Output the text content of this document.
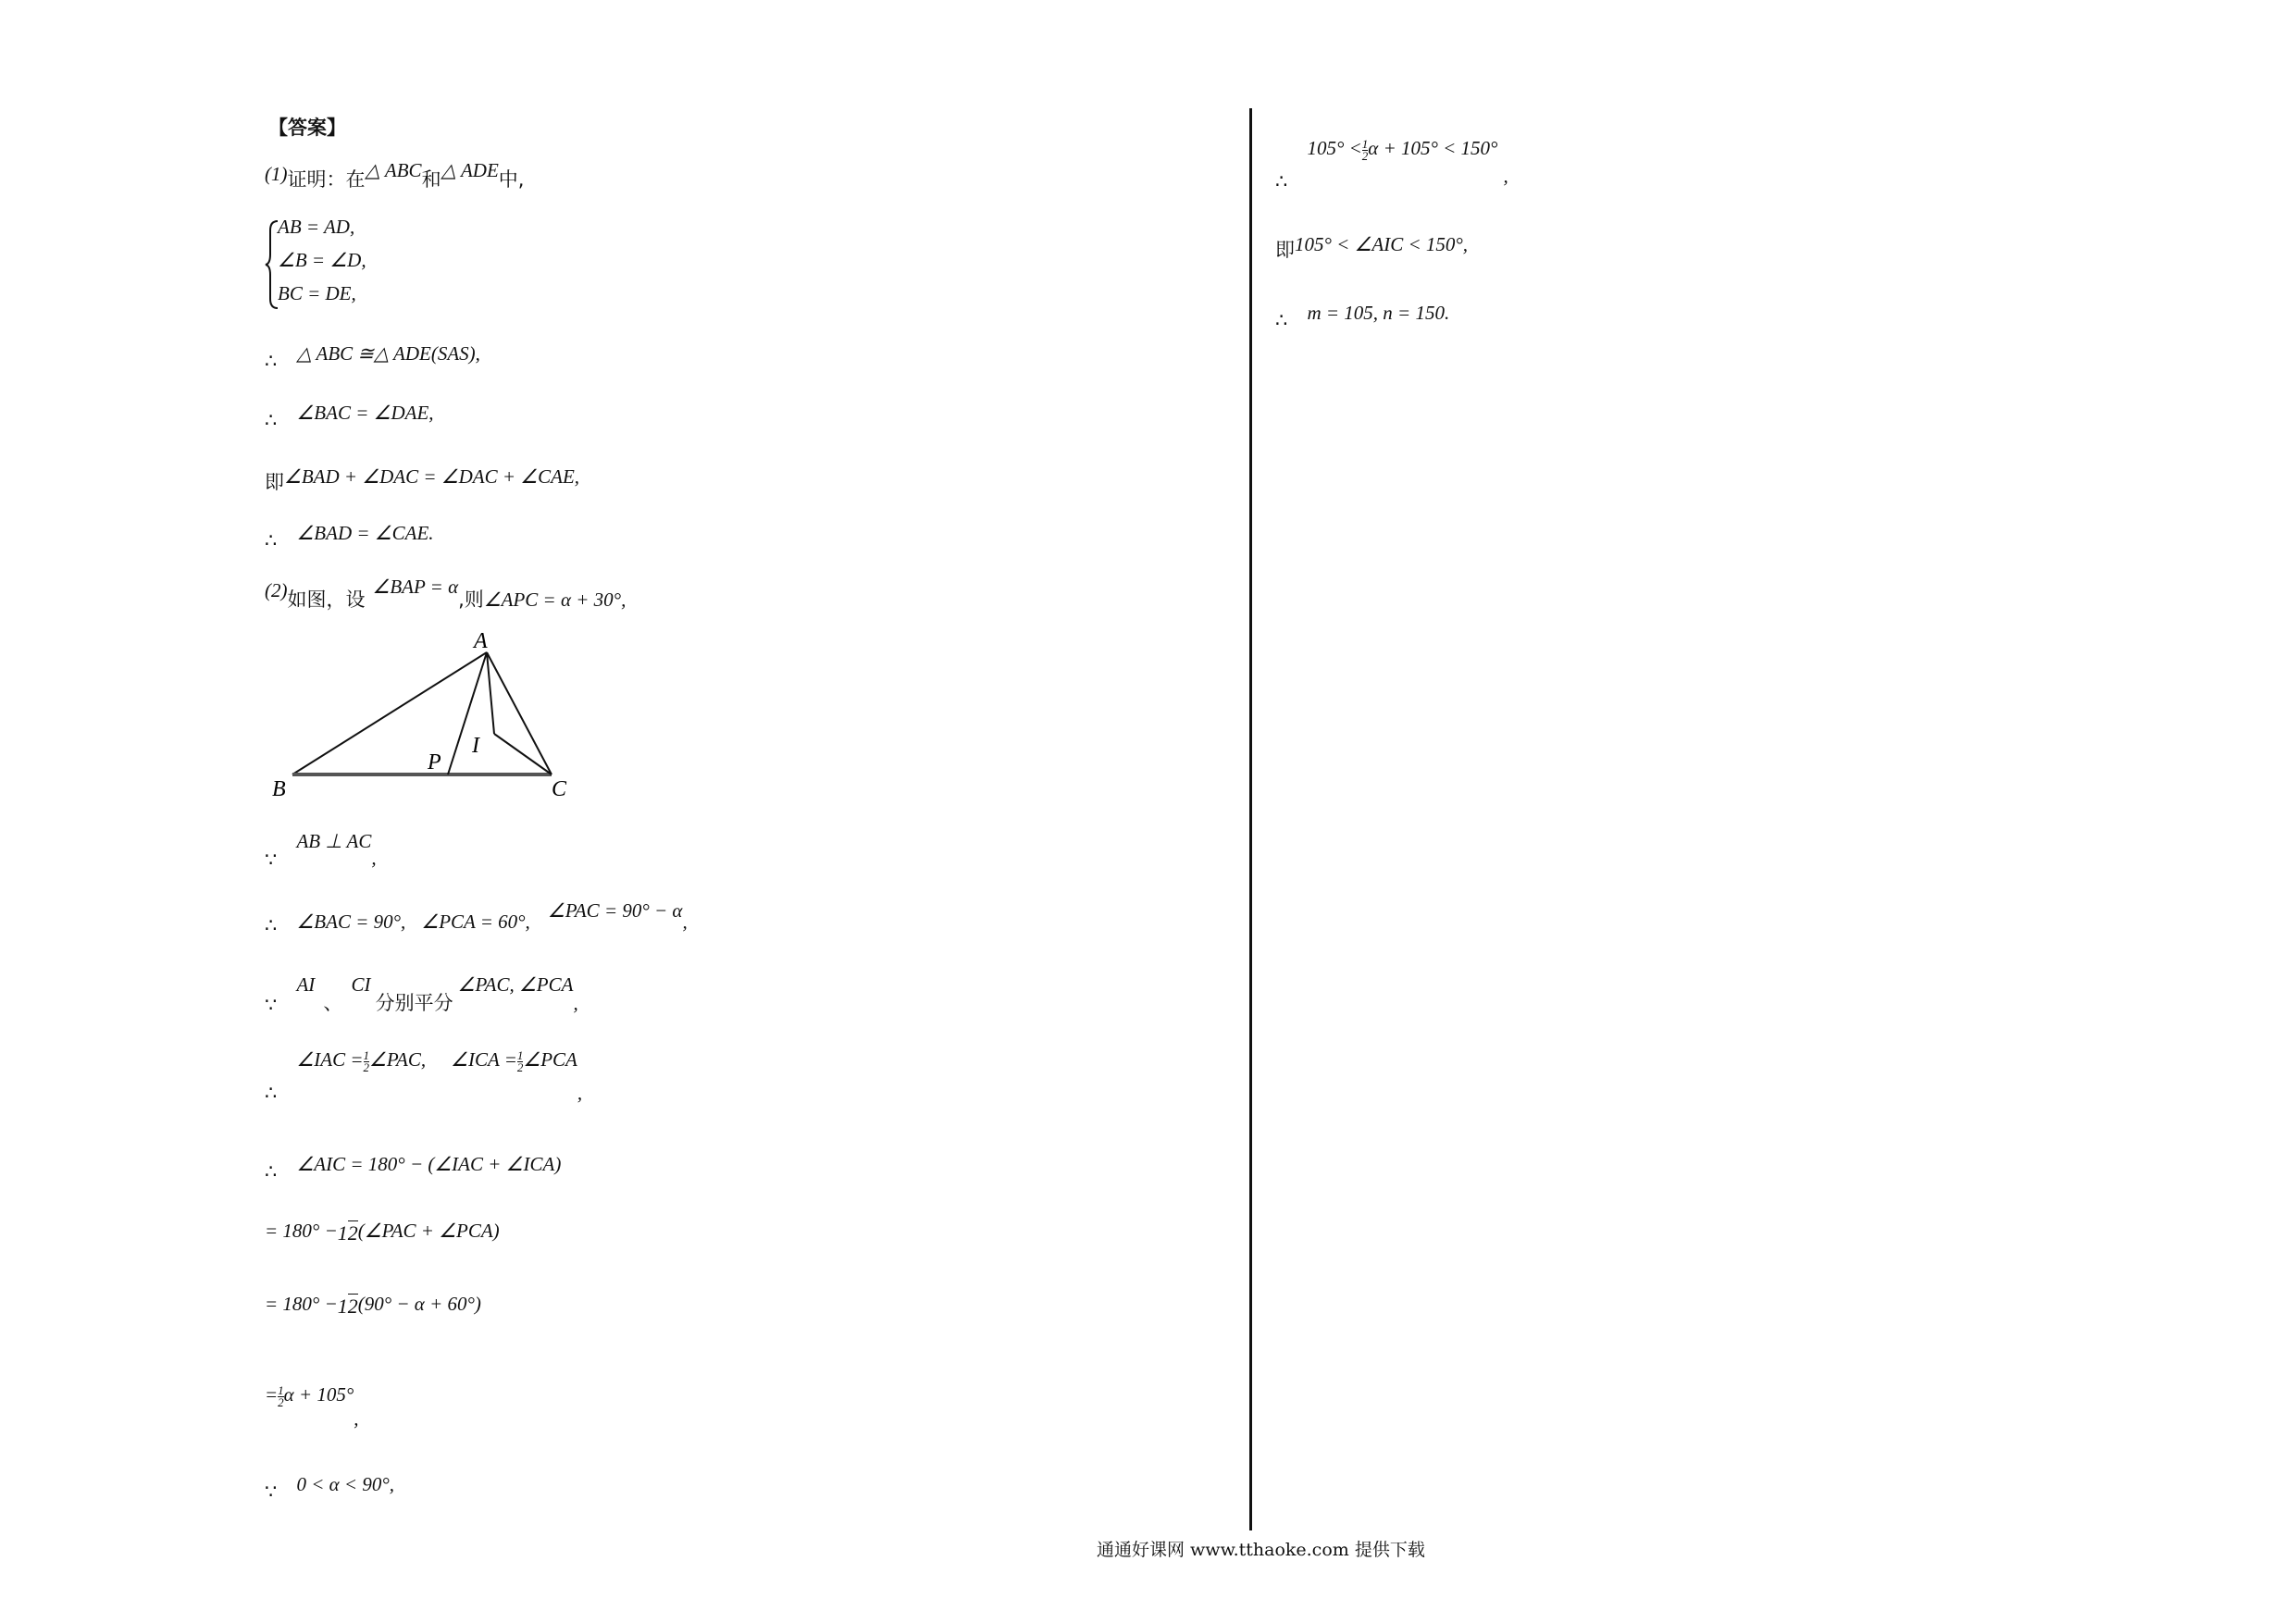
【答案】
(1)证明：在△ ABC和△ ADE中,
AB = AD,
∠B = ∠D,
BC = DE,
∴ △ ABC ≅△ ADE(SAS),
∴ ∠BAC = ∠DAE,
即∠BAD + ∠DAC = ∠DAC + ∠CAE,
∴ ∠BAD = ∠CAE.
(2)如图，设∠BAP = α,则∠APC = α + 30°,
A
B	C
P
I
∵ AB ⊥ AC,
∴ ∠BAC = 90°, ∠PCA = 60°, ∠PAC = 90° − α,
∵ AI 、 CI 分别平分 ∠PAC, ∠PCA,
∴ ∠IAC = $\frac{1}{2}$ ∠PAC, ∠ICA = $\frac{1}{2}$ ∠PCA,
∴ ∠AIC = 180° − (∠IAC + ∠ICA)
= 180° −12(∠PAC + ∠PCA)
= 180° −12(90° − α + 60°)
= $\frac{1}{2}$ α + 105°,
∵ 0 < α < 90°,
∴ $105^\circ < \frac{1}{2}$ α + 105° < 150°,
即105° < ∠AIC < 150°,
∴ m = 105, n = 150.
通通好课网 www.tthaoke.com 提供下载
